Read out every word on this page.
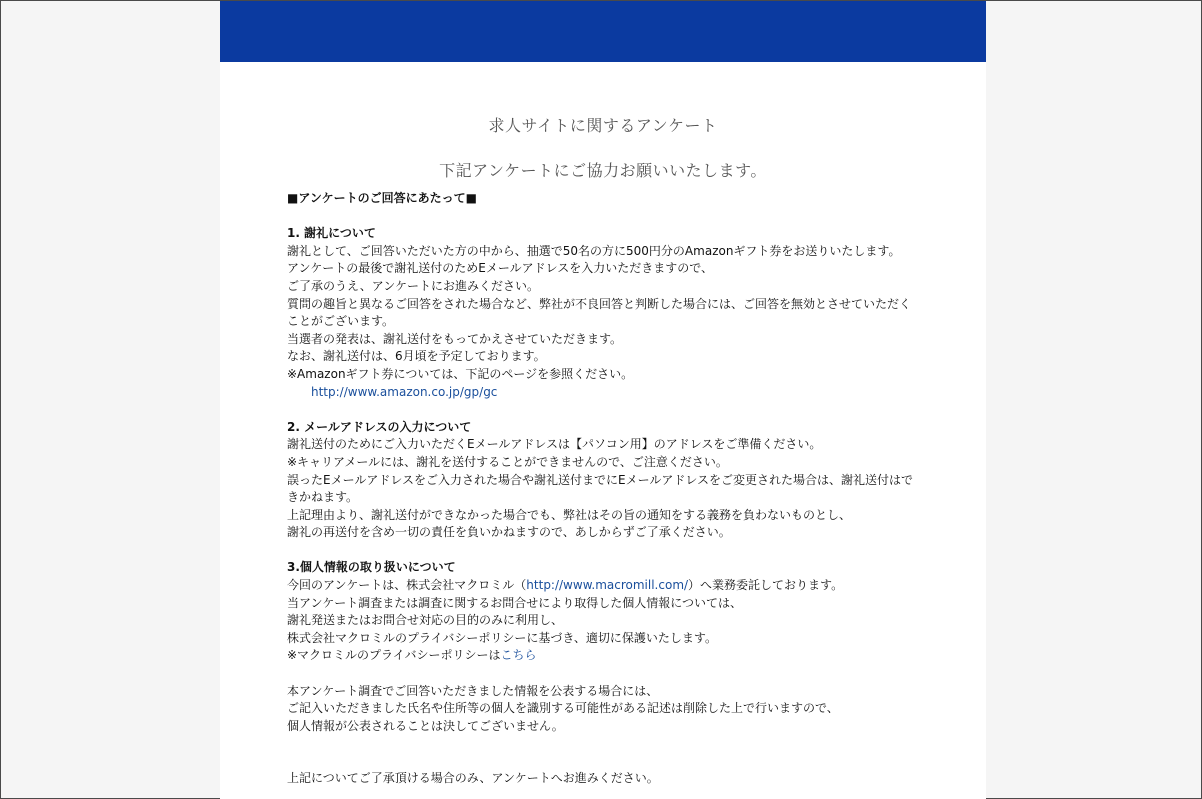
求人サイトに関するアンケート
下記アンケートにご協力お願いいたします。

■アンケートのご回答にあたって■

1. 謝礼について

謝礼として、ご回答いただいた方の中から、抽選で50名の方に500円分のAmazonギフト券をお送りいたします。

アンケートの最後で謝礼送付のためEメールアドレスを入力いただきますので、

ご了承のうえ、アンケートにお進みください。

質問の趣旨と異なるご回答をされた場合など、弊社が不良回答と判断した場合には、ご回答を無効とさせていただく

ことがございます。

当選者の発表は、謝礼送付をもってかえさせていただきます。

なお、謝礼送付は、6月頃を予定しております。

※Amazonギフト券については、下記のページを参照ください。

http://www.amazon.co.jp/gp/gc

2. メールアドレスの入力について

謝礼送付のためにご入力いただくEメールアドレスは【パソコン用】のアドレスをご準備ください。

※キャリアメールには、謝礼を送付することができませんので、ご注意ください。

誤ったEメールアドレスをご入力された場合や謝礼送付までにEメールアドレスをご変更された場合は、謝礼送付はで

きかねます。

上記理由より、謝礼送付ができなかった場合でも、弊社はその旨の通知をする義務を負わないものとし、

謝礼の再送付を含め一切の責任を負いかねますので、あしからずご了承ください。

3.個人情報の取り扱いについて

今回のアンケートは、株式会社マクロミル（http://www.macromill.com/）へ業務委託しております。

当アンケート調査または調査に関するお問合せにより取得した個人情報については、

謝礼発送またはお問合せ対応の目的のみに利用し、

株式会社マクロミルのプライバシーポリシーに基づき、適切に保護いたします。

※マクロミルのプライバシーポリシーはこちら

本アンケート調査でご回答いただきました情報を公表する場合には、

ご記入いただきました氏名や住所等の個人を識別する可能性がある記述は削除した上で行いますので、

個人情報が公表されることは決してございません。

上記についてご了承頂ける場合のみ、アンケートへお進みください。
